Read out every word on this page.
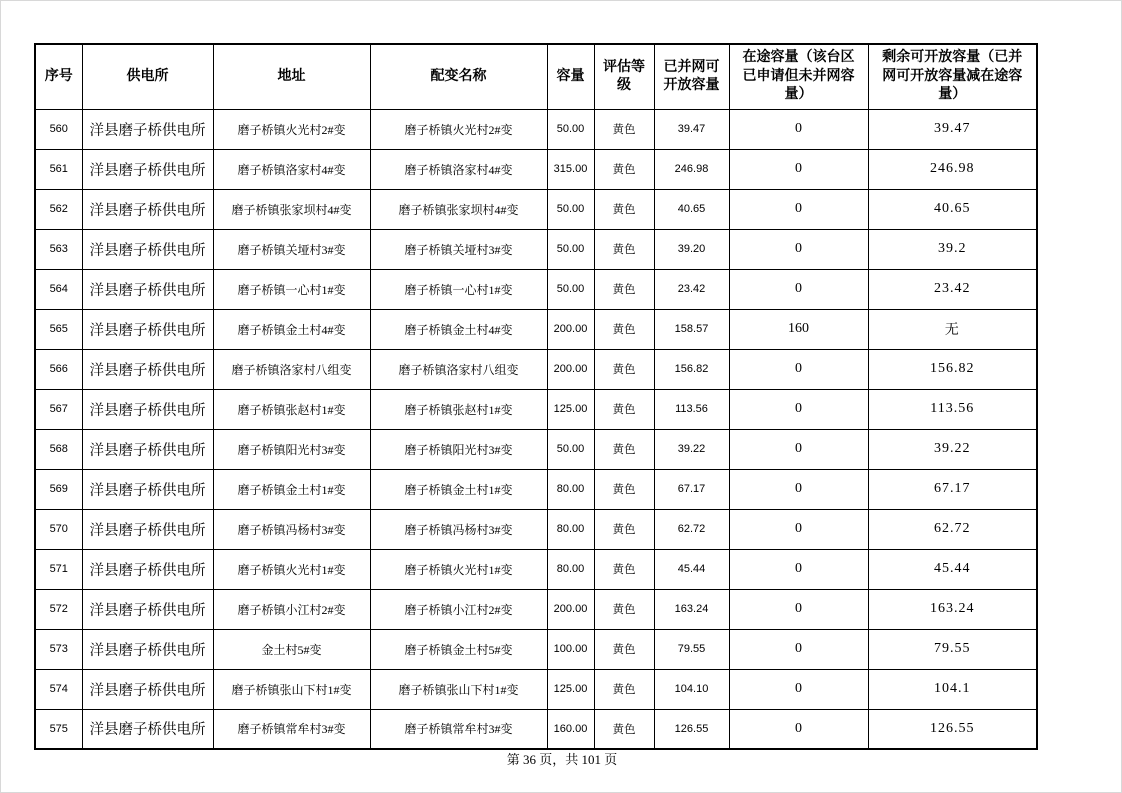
序号	供电所	地址	配变名称	容量	评估等级	已并网可开放容量	在途容量（该台区已申请但未并网容量）	剩余可开放容量（已并网可开放容量减在途容量）
560	洋县磨子桥供电所	磨子桥镇火光村2#变	磨子桥镇火光村2#变	50.00	黄色	39.47	0	39.47
561	洋县磨子桥供电所	磨子桥镇洛家村4#变	磨子桥镇洛家村4#变	315.00	黄色	246.98	0	246.98
562	洋县磨子桥供电所	磨子桥镇张家坝村4#变	磨子桥镇张家坝村4#变	50.00	黄色	40.65	0	40.65
563	洋县磨子桥供电所	磨子桥镇关垭村3#变	磨子桥镇关垭村3#变	50.00	黄色	39.20	0	39.2
564	洋县磨子桥供电所	磨子桥镇一心村1#变	磨子桥镇一心村1#变	50.00	黄色	23.42	0	23.42
565	洋县磨子桥供电所	磨子桥镇金土村4#变	磨子桥镇金土村4#变	200.00	黄色	158.57	160	无
566	洋县磨子桥供电所	磨子桥镇洛家村八组变	磨子桥镇洛家村八组变	200.00	黄色	156.82	0	156.82
567	洋县磨子桥供电所	磨子桥镇张赵村1#变	磨子桥镇张赵村1#变	125.00	黄色	113.56	0	113.56
568	洋县磨子桥供电所	磨子桥镇阳光村3#变	磨子桥镇阳光村3#变	50.00	黄色	39.22	0	39.22
569	洋县磨子桥供电所	磨子桥镇金土村1#变	磨子桥镇金土村1#变	80.00	黄色	67.17	0	67.17
570	洋县磨子桥供电所	磨子桥镇冯杨村3#变	磨子桥镇冯杨村3#变	80.00	黄色	62.72	0	62.72
571	洋县磨子桥供电所	磨子桥镇火光村1#变	磨子桥镇火光村1#变	80.00	黄色	45.44	0	45.44
572	洋县磨子桥供电所	磨子桥镇小江村2#变	磨子桥镇小江村2#变	200.00	黄色	163.24	0	163.24
573	洋县磨子桥供电所	金土村5#变	磨子桥镇金土村5#变	100.00	黄色	79.55	0	79.55
574	洋县磨子桥供电所	磨子桥镇张山下村1#变	磨子桥镇张山下村1#变	125.00	黄色	104.10	0	104.1
575	洋县磨子桥供电所	磨子桥镇常牟村3#变	磨子桥镇常牟村3#变	160.00	黄色	126.55	0	126.55
第 36 页，共 101 页
